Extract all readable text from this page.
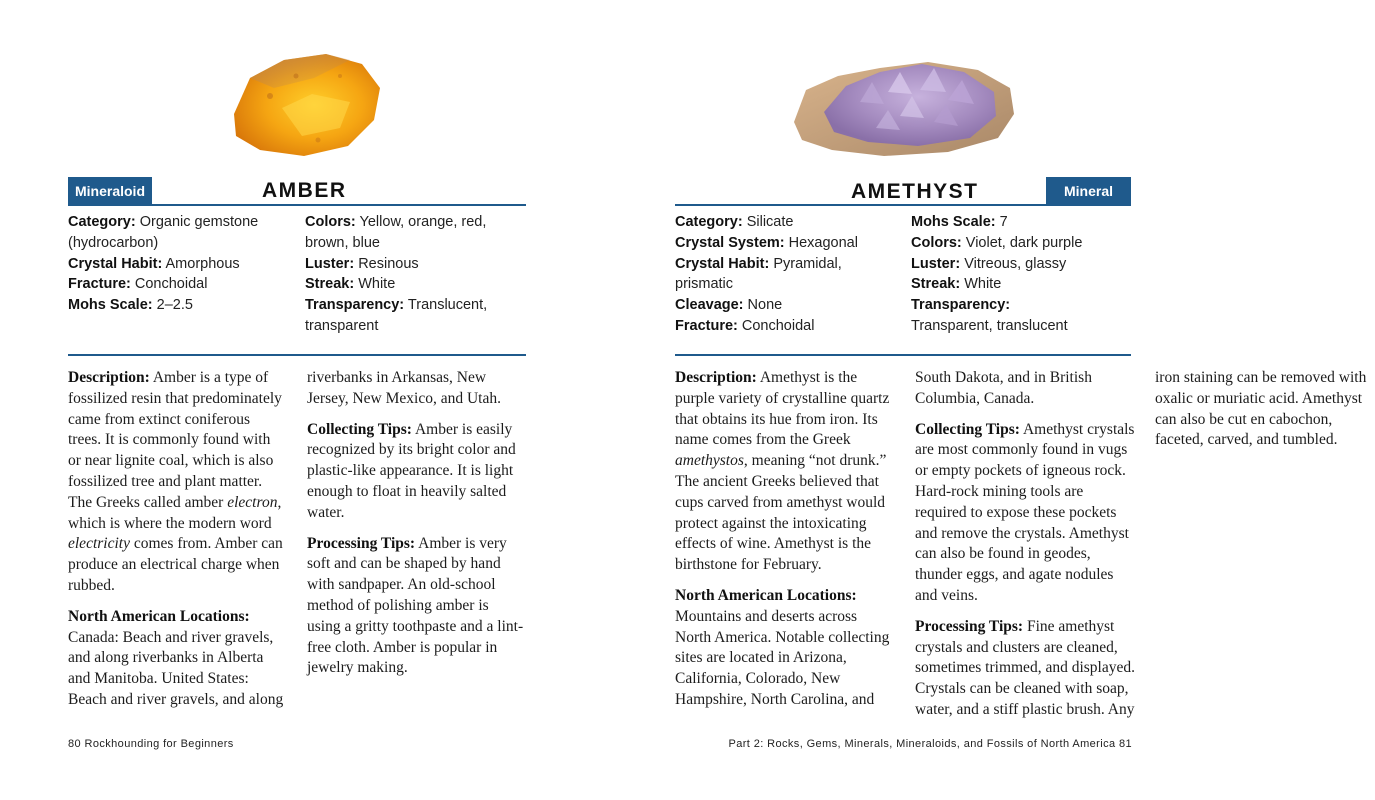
Mineraloid	AMBER
Category: Organic gemstone (hydrocarbon)
Crystal Habit: Amorphous
Fracture: Conchoidal
Mohs Scale: 2–2.5
Colors: Yellow, orange, red, brown, blue
Luster: Resinous
Streak: White
Transparency: Translucent, transparent

Description: Amber is a type of fossilized resin that predominately came from extinct coniferous trees. It is commonly found with or near lignite coal, which is also fossilized tree and plant matter. The Greeks called amber electron, which is where the modern word electricity comes from. Amber can produce an electrical charge when rubbed.

North American Locations: Canada: Beach and river gravels, and along riverbanks in Alberta and Manitoba. United States: Beach and river gravels, and along riverbanks in Arkansas, New Jersey, New Mexico, and Utah.

Collecting Tips: Amber is easily recognized by its bright color and plastic-like appearance. It is light enough to float in heavily salted water.

Processing Tips: Amber is very soft and can be shaped by hand with sandpaper. An old-school method of polishing amber is using a gritty toothpaste and a lint-free cloth. Amber is popular in jewelry making.

80 Rockhounding for Beginners
AMETHYST	Mineral
Category: Silicate
Crystal System: Hexagonal
Crystal Habit: Pyramidal, prismatic
Cleavage: None
Fracture: Conchoidal
Mohs Scale: 7
Colors: Violet, dark purple
Luster: Vitreous, glassy
Streak: White
Transparency: Transparent, translucent

Description: Amethyst is the purple variety of crystalline quartz that obtains its hue from iron. Its name comes from the Greek amethystos, meaning “not drunk.” The ancient Greeks believed that cups carved from amethyst would protect against the intoxicating effects of wine. Amethyst is the birthstone for February.

North American Locations: Mountains and deserts across North America. Notable collecting sites are located in Arizona, California, Colorado, New Hampshire, North Carolina, and South Dakota, and in British Columbia, Canada.

Collecting Tips: Amethyst crystals are most commonly found in vugs or empty pockets of igneous rock. Hard-rock mining tools are required to expose these pockets and remove the crystals. Amethyst can also be found in geodes, thunder eggs, and agate nodules and veins.

Processing Tips: Fine amethyst crystals and clusters are cleaned, sometimes trimmed, and displayed. Crystals can be cleaned with soap, water, and a stiff plastic brush. Any iron staining can be removed with oxalic or muriatic acid. Amethyst can also be cut en cabochon, faceted, carved, and tumbled.

Part 2: Rocks, Gems, Minerals, Mineraloids, and Fossils of North America 81
